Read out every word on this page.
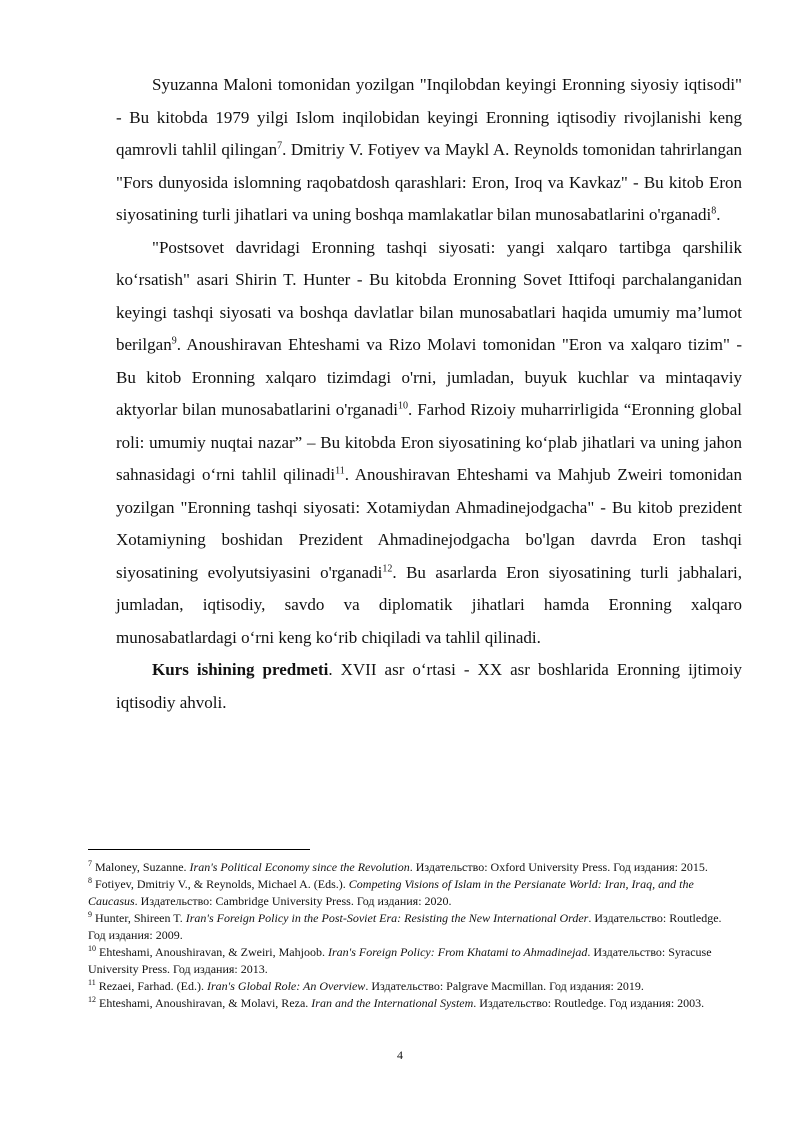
Syuzanna Maloni tomonidan yozilgan "Inqilobdan keyingi Eronning siyosiy iqtisodi" - Bu kitobda 1979 yilgi Islom inqilobidan keyingi Eronning iqtisodiy rivojlanishi keng qamrovli tahlil qilingan$^7$. Dmitriy V. Fotiyev va Maykl A. Reynolds tomonidan tahrirlangan "Fors dunyosida islomning raqobatdosh qarashlari: Eron, Iroq va Kavkaz" - Bu kitob Eron siyosatining turli jihatlari va uning boshqa mamlakatlar bilan munosabatlarini o'rganadi$^8$.

"Postsovet davridagi Eronning tashqi siyosati: yangi xalqaro tartibga qarshilik ko‘rsatish" asari Shirin T. Hunter - Bu kitobda Eronning Sovet Ittifoqi parchalanganidan keyingi tashqi siyosati va boshqa davlatlar bilan munosabatlari haqida umumiy ma’lumot berilgan$^9$. Anoushiravan Ehteshami va Rizo Molavi tomonidan "Eron va xalqaro tizim" - Bu kitob Eronning xalqaro tizimdagi o'rni, jumladan, buyuk kuchlar va mintaqaviy aktyorlar bilan munosabatlarini o'rganadi$^{10}$. Farhod Rizoiy muharrirligida “Eronning global roli: umumiy nuqtai nazar” – Bu kitobda Eron siyosatining ko‘plab jihatlari va uning jahon sahnasidagi o‘rni tahlil qilinadi$^{11}$. Anoushiravan Ehteshami va Mahjub Zweiri tomonidan yozilgan "Eronning tashqi siyosati: Xotamiydan Ahmadinejodgacha" - Bu kitob prezident Xotamiyning boshidan Prezident Ahmadinejodgacha bo'lgan davrda Eron tashqi siyosatining evolyutsiyasini o'rganadi$^{12}$. Bu asarlarda Eron siyosatining turli jabhalari, jumladan, iqtisodiy, savdo va diplomatik jihatlari hamda Eronning xalqaro munosabatlardagi o‘rni keng ko‘rib chiqiladi va tahlil qilinadi.

Kurs ishining predmeti. XVII asr o‘rtasi - XX asr boshlarida Eronning ijtimoiy iqtisodiy ahvoli.

$^7$ Maloney, Suzanne. Iran's Political Economy since the Revolution. Издательство: Oxford University Press. Год издания: 2015.
$^8$ Fotiyev, Dmitriy V., & Reynolds, Michael A. (Eds.). Competing Visions of Islam in the Persianate World: Iran, Iraq, and the Caucasus. Издательство: Cambridge University Press. Год издания: 2020.
$^9$ Hunter, Shireen T. Iran's Foreign Policy in the Post-Soviet Era: Resisting the New International Order. Издательство: Routledge. Год издания: 2009.
$^{10}$ Ehteshami, Anoushiravan, & Zweiri, Mahjoob. Iran's Foreign Policy: From Khatami to Ahmadinejad. Издательство: Syracuse University Press. Год издания: 2013.
$^{11}$ Rezaei, Farhad. (Ed.). Iran's Global Role: An Overview. Издательство: Palgrave Macmillan. Год издания: 2019.
$^{12}$ Ehteshami, Anoushiravan, & Molavi, Reza. Iran and the International System. Издательство: Routledge. Год издания: 2003.
4
